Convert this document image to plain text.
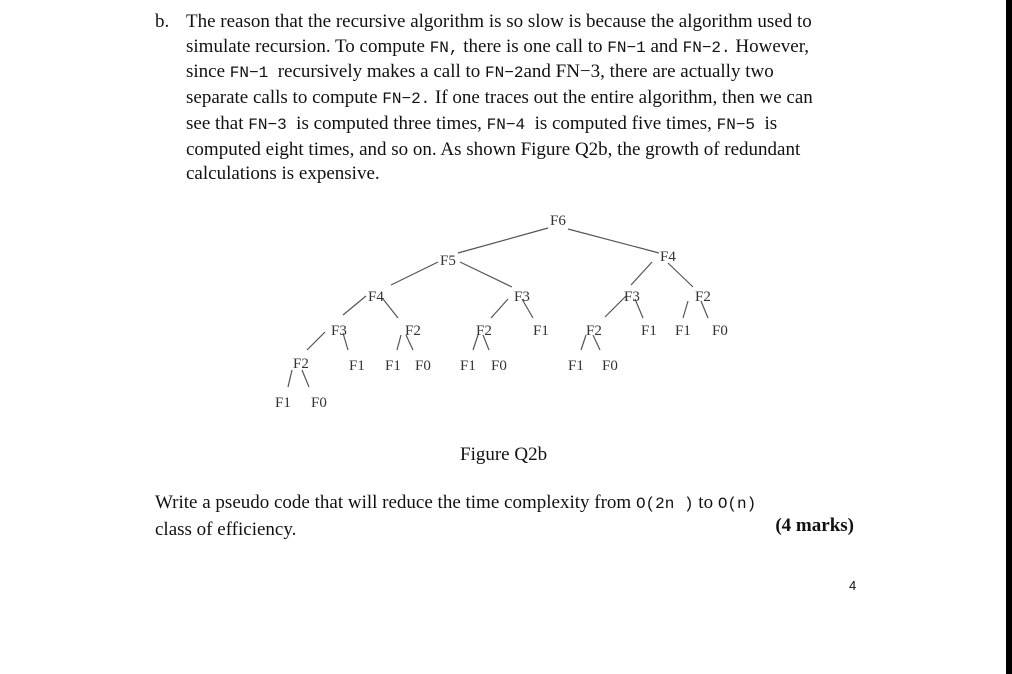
b. The reason that the recursive algorithm is so slow is because the algorithm used to
simulate recursion. To compute FN, there is one call to FN−1 and FN−2. However,
since FN−1  recursively makes a call to FN−2and FN−3, there are actually two
separate calls to compute FN−2. If one traces out the entire algorithm, then we can
see that FN−3  is computed three times, FN−4  is computed five times, FN−5  is
computed eight times, and so on. As shown Figure Q2b, the growth of redundant
calculations is expensive.

F6
F5	F4
F4	F3	F3	F2
F3	F2	F2	F1 F2	F1 F1 F0
F2	F1 F1 F0 F1 F0	F1 F0
F1 F0
Figure Q2b
Write a pseudo code that will reduce the time complexity from O(2n ) to O(n)
class of efficiency.	(4 marks)
4
